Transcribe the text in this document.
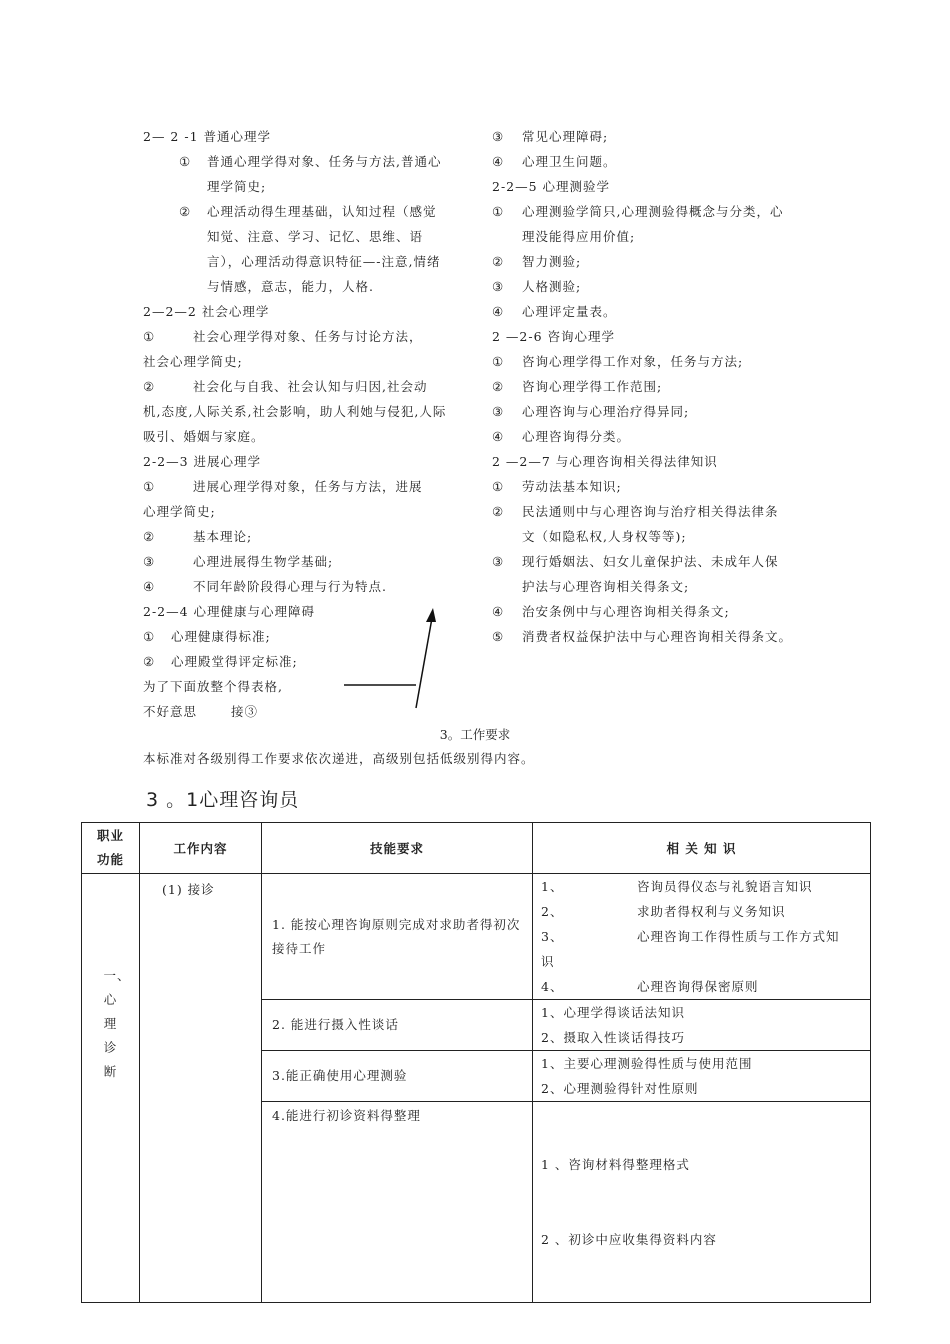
2— 2 -1 普通心理学
① 普通心理学得对象、任务与方法,普通心
理学简史;
② 心理活动得生理基础，认知过程（感觉
知觉、注意、学习、记忆、思维、语
言），心理活动得意识特征—-注意,情绪
与情感，意志，能力，人格.
2—2—2 社会心理学
①	社会心理学得对象、任务与讨论方法，
社会心理学简史;
②	社会化与自我、社会认知与归因,社会动
机,态度,人际关系,社会影响，助人利她与侵犯,人际
吸引、婚姻与家庭。
2-2—3 进展心理学
①	进展心理学得对象，任务与方法，进展
心理学简史;
②	基本理论;
③	心理进展得生物学基础;
④	不同年龄阶段得心理与行为特点.
2-2—4 心理健康与心理障碍
① 心理健康得标准;
② 心理殿堂得评定标准;
为了下面放整个得表格,
不好意思	接③
③ 常见心理障碍;
④ 心理卫生问题。
2-2—5 心理测验学
① 心理测验学简只,心理测验得概念与分类，心
理没能得应用价值;
② 智力测验;
③ 人格测验;
④ 心理评定量表。
2 —2-6 咨询心理学
① 咨询心理学得工作对象，任务与方法;
② 咨询心理学得工作范围;
③ 心理咨询与心理治疗得异同;
④ 心理咨询得分类。
2 —2—7 与心理咨询相关得法律知识
① 劳动法基本知识;
② 民法通则中与心理咨询与治疗相关得法律条
文（如隐私权,人身权等等);
③ 现行婚姻法、妇女儿童保护法、未成年人保
护法与心理咨询相关得条文;
④ 治安条例中与心理咨询相关得条文;
⑤ 消费者权益保护法中与心理咨询相关得条文。
3。工作要求
本标准对各级别得工作要求依次递进，高级别包括低级别得内容。
3 。1心理咨询员
职业功能	工作内容	技能要求	相 关 知 识

一、心理诊断	(1) 接诊	1. 能按心理咨询原则完成对求助者得初次接待工作	1、 咨询员得仪态与礼貌语言知识
2、 求助者得权利与义务知识
3、 心理咨询工作得性质与工作方式知
识
4、 心理咨询得保密原则

		2. 能进行摄入性谈话	1、心理学得谈话法知识
2、摄取入性谈话得技巧

		3.能正确使用心理测验	1、主要心理测验得性质与使用范围
2、心理测验得针对性原则

		4.能进行初诊资料得整理	1 、咨询材料得整理格式

2 、初诊中应收集得资料内容
